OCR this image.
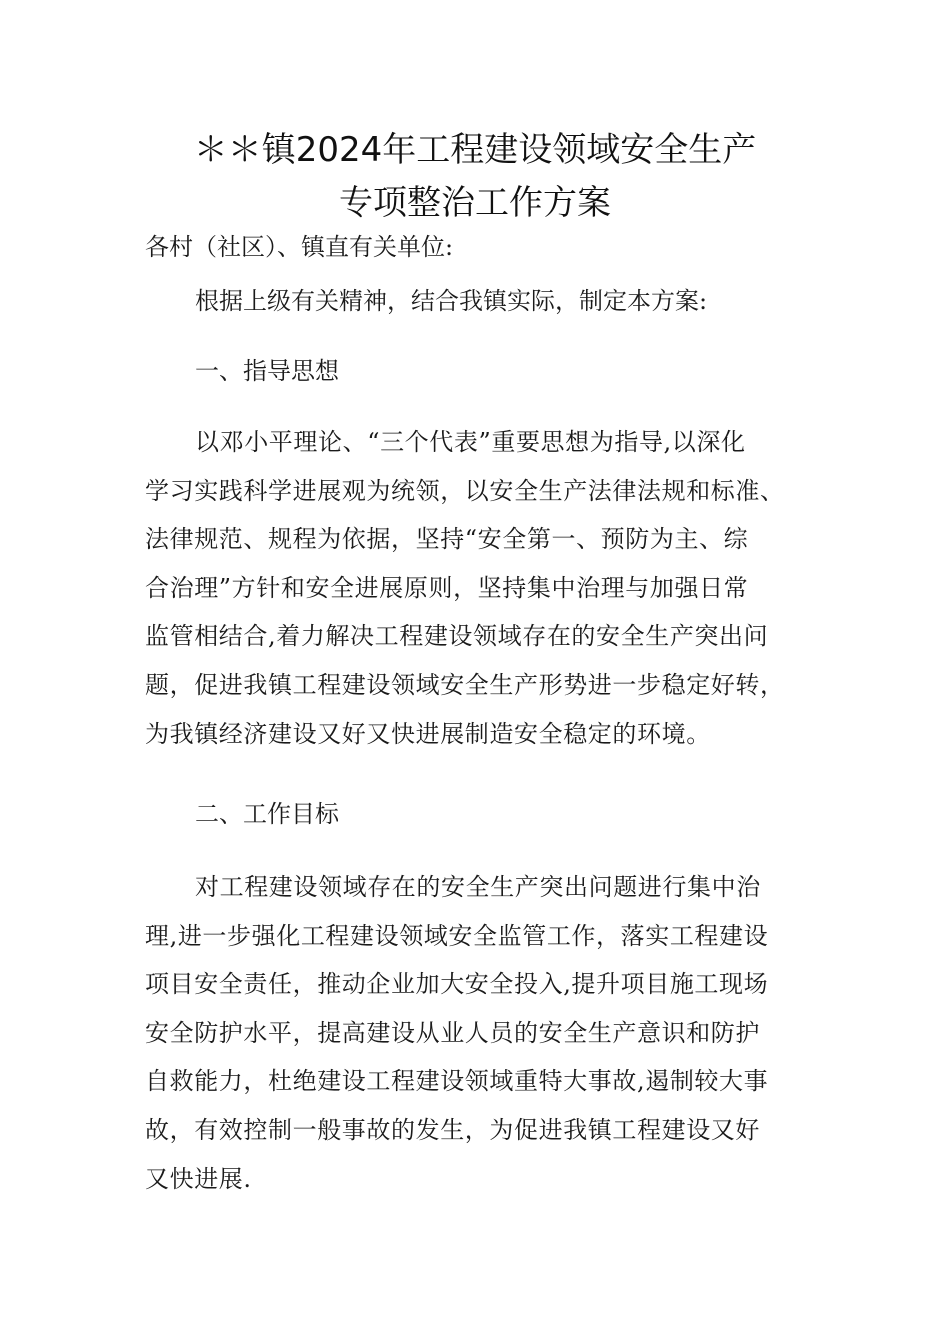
＊＊镇2024年工程建设领域安全生产
专项整治工作方案
各村（社区）、镇直有关单位:
根据上级有关精神，结合我镇实际，制定本方案:
一、指导思想
以邓小平理论、“三个代表”重要思想为指导,以深化
学习实践科学进展观为统领，以安全生产法律法规和标准、
法律规范、规程为依据，坚持“安全第一、预防为主、综
合治理”方针和安全进展原则，坚持集中治理与加强日常
监管相结合,着力解决工程建设领域存在的安全生产突出问
题，促进我镇工程建设领域安全生产形势进一步稳定好转，
为我镇经济建设又好又快进展制造安全稳定的环境。
二、工作目标
对工程建设领域存在的安全生产突出问题进行集中治
理,进一步强化工程建设领域安全监管工作，落实工程建设
项目安全责任，推动企业加大安全投入,提升项目施工现场
安全防护水平，提高建设从业人员的安全生产意识和防护
自救能力，杜绝建设工程建设领域重特大事故,遏制较大事
故，有效控制一般事故的发生，为促进我镇工程建设又好
又快进展.
